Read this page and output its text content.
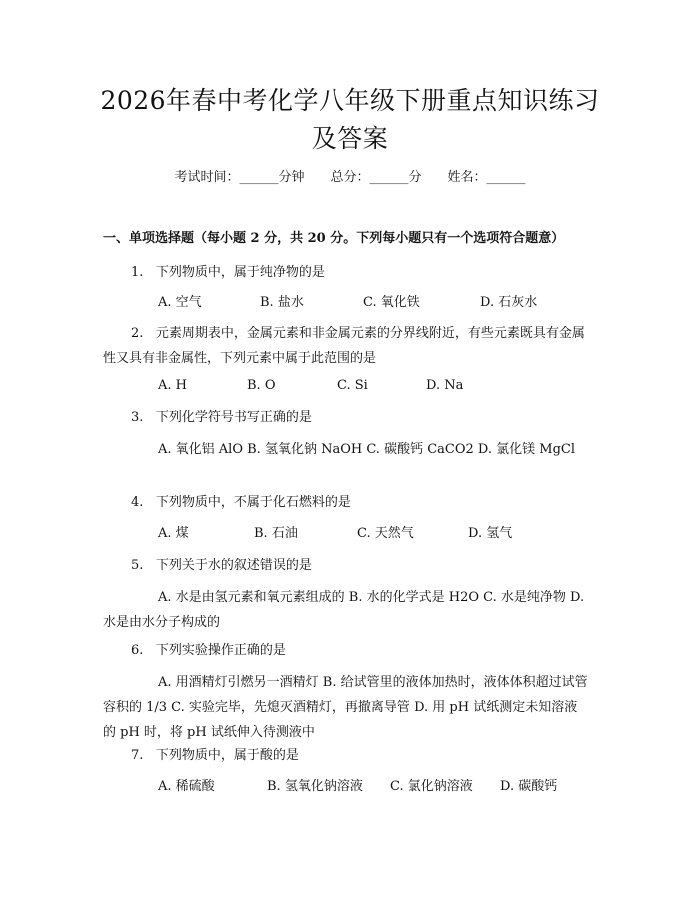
2026年春中考化学八年级下册重点知识练习
及答案
考试时间：______分钟 总分：______分 姓名：______
一、单项选择题（每小题 2 分，共 20 分。下列每小题只有一个选项符合题意）

1. 下列物质中，属于纯净物的是

A. 空气	B. 盐水	C. 氧化铁	D. 石灰水

2. 元素周期表中，金属元素和非金属元素的分界线附近，有些元素既具有金属性又具有非金属性，下列元素中属于此范围的是

A. H	B. O	C. Si	D. Na

3. 下列化学符号书写正确的是

A. 氧化铝 AlO B. 氢氧化钠 NaOH C. 碳酸钙 CaCO2 D. 氯化镁 MgCl

4. 下列物质中，不属于化石燃料的是

A. 煤	B. 石油	C. 天然气	D. 氢气

5. 下列关于水的叙述错误的是

A. 水是由氢元素和氧元素组成的 B. 水的化学式是 H2O C. 水是纯净物 D. 水是由水分子构成的

6. 下列实验操作正确的是

A. 用酒精灯引燃另一酒精灯 B. 给试管里的液体加热时，液体体积超过试管容积的 1/3 C. 实验完毕，先熄灭酒精灯，再撤离导管 D. 用 pH 试纸测定未知溶液的 pH 时，将 pH 试纸伸入待测液中

7. 下列物质中，属于酸的是

A. 稀硫酸	B. 氢氧化钠溶液 C. 氯化钠溶液 D. 碳酸钙
